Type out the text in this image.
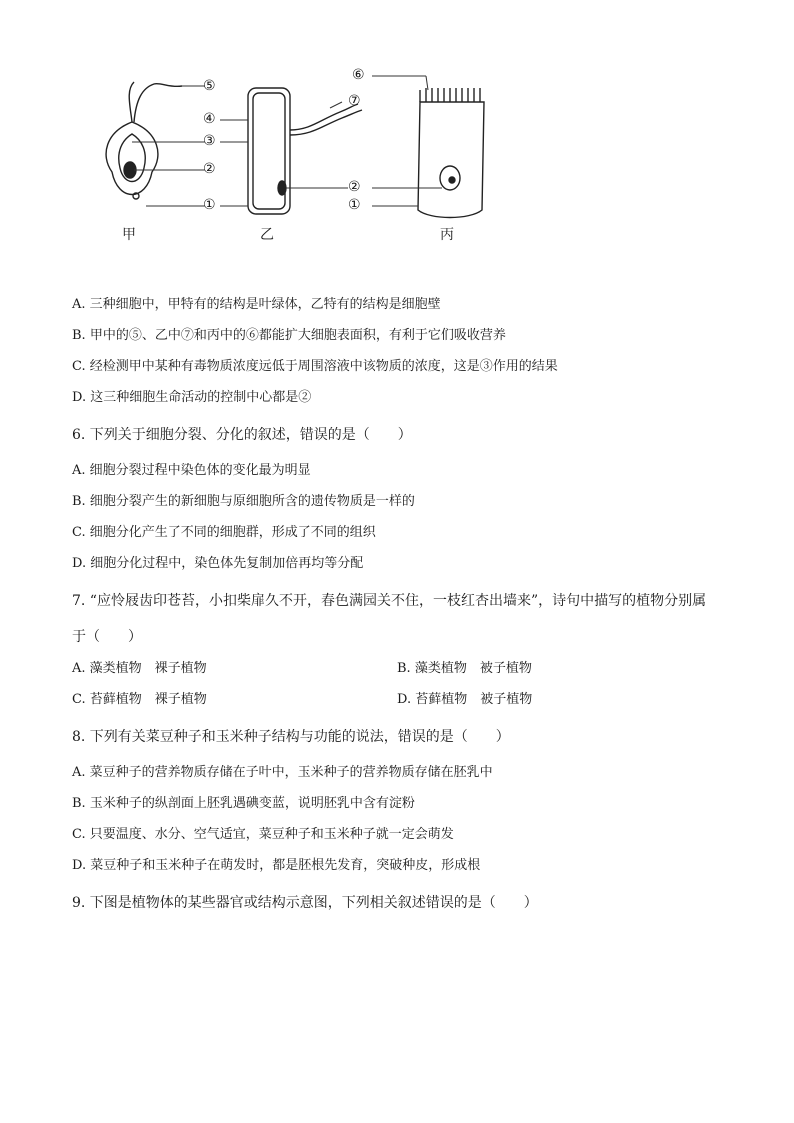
⑤
④
③
②
①
⑦
②
①
⑥
甲	乙	丙
A. 三种细胞中，甲特有的结构是叶绿体，乙特有的结构是细胞壁
B. 甲中的⑤、乙中⑦和丙中的⑥都能扩大细胞表面积，有利于它们吸收营养
C. 经检测甲中某种有毒物质浓度远低于周围溶液中该物质的浓度，这是③作用的结果
D. 这三种细胞生命活动的控制中心都是②
6. 下列关于细胞分裂、分化的叙述，错误的是（　　）
A. 细胞分裂过程中染色体的变化最为明显
B. 细胞分裂产生的新细胞与原细胞所含的遗传物质是一样的
C. 细胞分化产生了不同的细胞群，形成了不同的组织
D. 细胞分化过程中，染色体先复制加倍再均等分配
7. “应怜屐齿印苍苔，小扣柴扉久不开，春色满园关不住，一枝红杏出墙来”，诗句中描写的植物分别属
于（　　）
A. 藻类植物　裸子植物	B. 藻类植物　被子植物
C. 苔藓植物　裸子植物	D. 苔藓植物　被子植物
8. 下列有关菜豆种子和玉米种子结构与功能的说法，错误的是（　　）
A. 菜豆种子的营养物质存储在子叶中，玉米种子的营养物质存储在胚乳中
B. 玉米种子的纵剖面上胚乳遇碘变蓝，说明胚乳中含有淀粉
C. 只要温度、水分、空气适宜，菜豆种子和玉米种子就一定会萌发
D. 菜豆种子和玉米种子在萌发时，都是胚根先发育，突破种皮，形成根
9. 下图是植物体的某些器官或结构示意图，下列相关叙述错误的是（　　）
